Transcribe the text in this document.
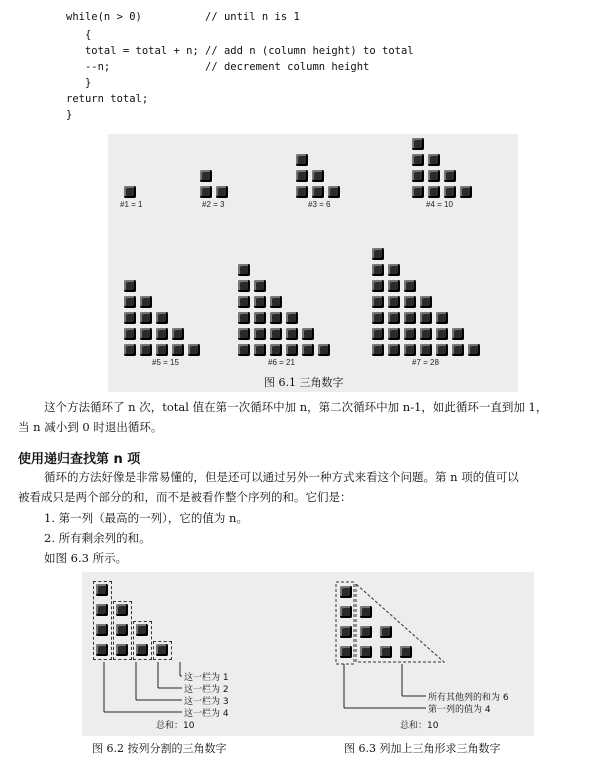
while(n > 0)	// until n is 1
{
total = total + n; // add n (column height) to total
--n;	// decrement column height
}
return total;
}
#1 = 1	#2 = 3	#3 = 6	#4 = 10
#5 = 15	#6 = 21	#7 = 28
图 6.1 三角数字
这个方法循环了 n 次，total 值在第一次循环中加 n，第二次循环中加 n-1，如此循环一直到加 1，
当 n 减小到 0 时退出循环。
使用递归查找第 n 项
循环的方法好像是非常易懂的，但是还可以通过另外一种方式来看这个问题。第 n 项的值可以
被看成只是两个部分的和，而不是被看作整个序列的和。它们是：
1. 第一列（最高的一列），它的值为 n。
2. 所有剩余列的和。
如图 6.3 所示。
这一栏为 1
这一栏为 2
这一栏为 3
这一栏为 4
总和：10
所有其他列的和为 6
第一列的值为 4
总和：10
图 6.2 按列分割的三角数字	图 6.3 列加上三角形求三角数字
